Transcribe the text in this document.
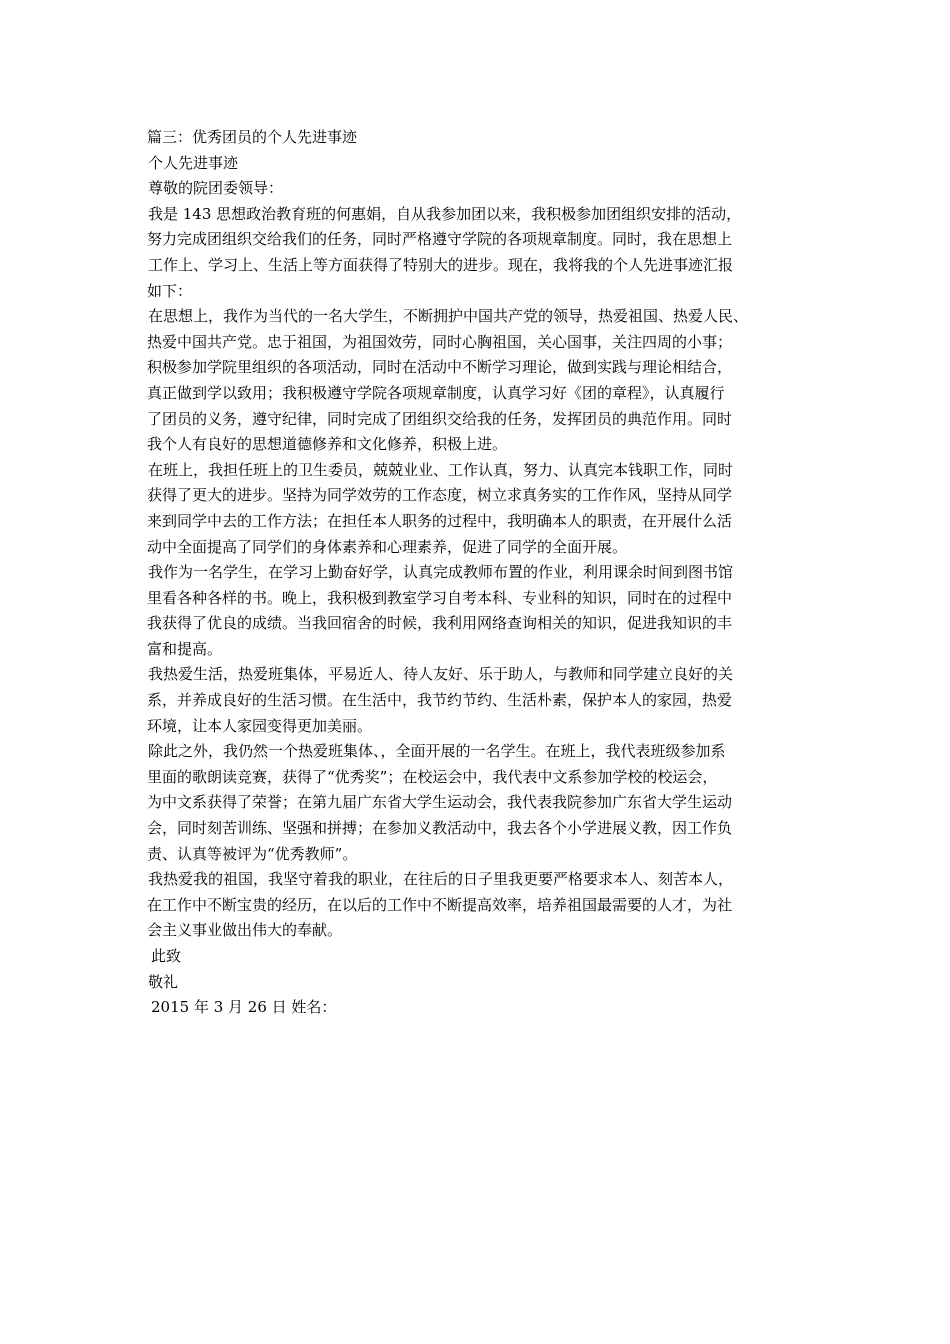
篇三：优秀团员的个人先进事迹
个人先进事迹
尊敬的院团委领导：
我是 143 思想政治教育班的何惠娟，自从我参加团以来，我积极参加团组织安排的活动，
努力完成团组织交给我们的任务，同时严格遵守学院的各项规章制度。同时，我在思想上
工作上、学习上、生活上等方面获得了特别大的进步。现在，我将我的个人先进事迹汇报
如下：
在思想上，我作为当代的一名大学生，不断拥护中国共产党的领导，热爱祖国、热爱人民、
热爱中国共产党。忠于祖国，为祖国效劳，同时心胸祖国，关心国事，关注四周的小事；
积极参加学院里组织的各项活动，同时在活动中不断学习理论，做到实践与理论相结合，
真正做到学以致用；我积极遵守学院各项规章制度，认真学习好《团的章程》，认真履行
了团员的义务，遵守纪律，同时完成了团组织交给我的任务，发挥团员的典范作用。同时
我个人有良好的思想道德修养和文化修养，积极上进。
在班上，我担任班上的卫生委员，兢兢业业、工作认真，努力、认真完本钱职工作，同时
获得了更大的进步。坚持为同学效劳的工作态度，树立求真务实的工作作风，坚持从同学
来到同学中去的工作方法；在担任本人职务的过程中，我明确本人的职责，在开展什么活
动中全面提高了同学们的身体素养和心理素养，促进了同学的全面开展。
我作为一名学生，在学习上勤奋好学，认真完成教师布置的作业，利用课余时间到图书馆
里看各种各样的书。晚上，我积极到教室学习自考本科、专业科的知识，同时在的过程中
我获得了优良的成绩。当我回宿舍的时候，我利用网络查询相关的知识，促进我知识的丰
富和提高。
我热爱生活，热爱班集体，平易近人、待人友好、乐于助人，与教师和同学建立良好的关
系，并养成良好的生活习惯。在生活中，我节约节约、生活朴素，保护本人的家园，热爱
环境，让本人家园变得更加美丽。
除此之外，我仍然一个热爱班集体、，全面开展的一名学生。在班上，我代表班级参加系
里面的歌朗读竞赛，获得了“优秀奖”；在校运会中，我代表中文系参加学校的校运会，
为中文系获得了荣誉；在第九届广东省大学生运动会，我代表我院参加广东省大学生运动
会，同时刻苦训练、坚强和拼搏；在参加义教活动中，我去各个小学进展义教，因工作负
责、认真等被评为“优秀教师”。
我热爱我的祖国，我坚守着我的职业，在往后的日子里我更要严格要求本人、刻苦本人，
在工作中不断宝贵的经历，在以后的工作中不断提高效率，培养祖国最需要的人才，为社
会主义事业做出伟大的奉献。
此致
敬礼
2015 年 3 月 26 日 姓名：
